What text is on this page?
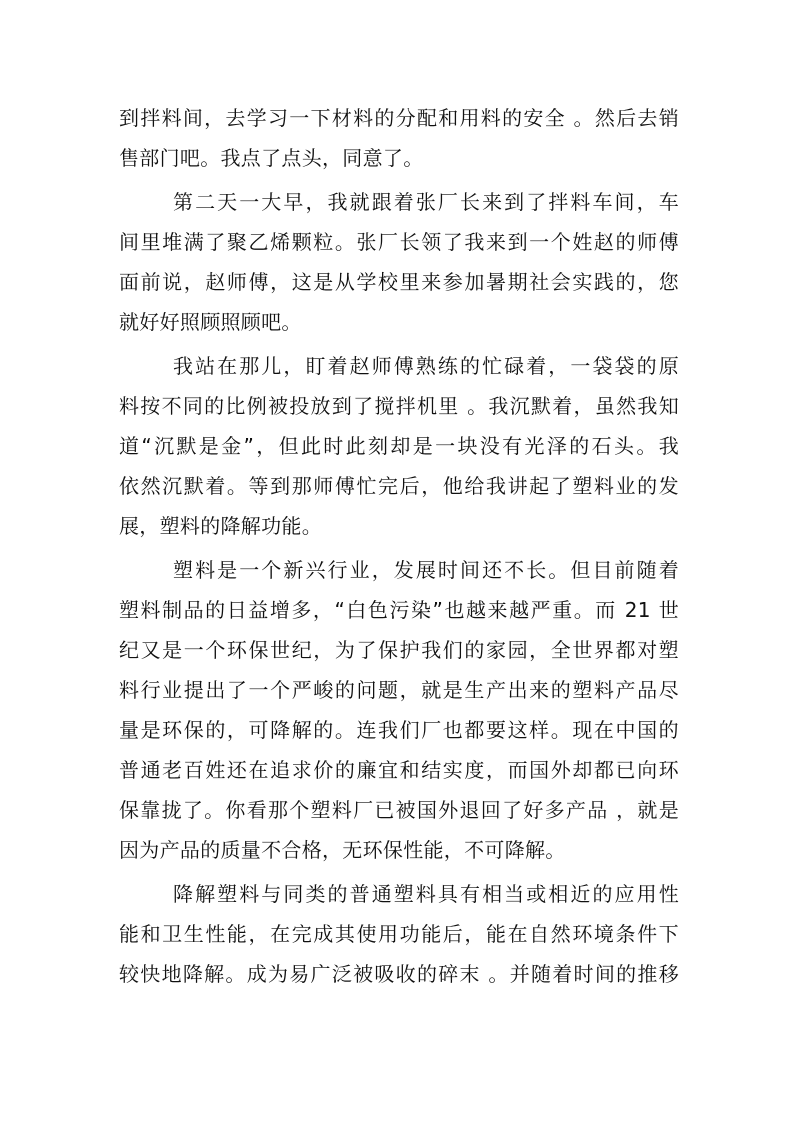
到拌料间，去学习一下材料的分配和用料的安全 。然后去销
售部门吧。我点了点头，同意了。
第二天一大早，我就跟着张厂长来到了拌料车间，车
间里堆满了聚乙烯颗粒。张厂长领了我来到一个姓赵的师傅
面前说，赵师傅，这是从学校里来参加暑期社会实践的，您
就好好照顾照顾吧。
我站在那儿，盯着赵师傅熟练的忙碌着，一袋袋的原
料按不同的比例被投放到了搅拌机里 。我沉默着，虽然我知
道“沉默是金”，但此时此刻却是一块没有光泽的石头。我
依然沉默着。等到那师傅忙完后，他给我讲起了塑料业的发
展，塑料的降解功能。
塑料是一个新兴行业，发展时间还不长。但目前随着
塑料制品的日益增多，“白色污染”也越来越严重。而 21 世
纪又是一个环保世纪，为了保护我们的家园，全世界都对塑
料行业提出了一个严峻的问题，就是生产出来的塑料产品尽
量是环保的，可降解的。连我们厂也都要这样。现在中国的
普通老百姓还在追求价的廉宜和结实度，而国外却都已向环
保靠拢了。你看那个塑料厂已被国外退回了好多产品 ，就是
因为产品的质量不合格，无环保性能，不可降解。
降解塑料与同类的普通塑料具有相当或相近的应用性
能和卫生性能，在完成其使用功能后，能在自然环境条件下
较快地降解。成为易广泛被吸收的碎末 。并随着时间的推移
